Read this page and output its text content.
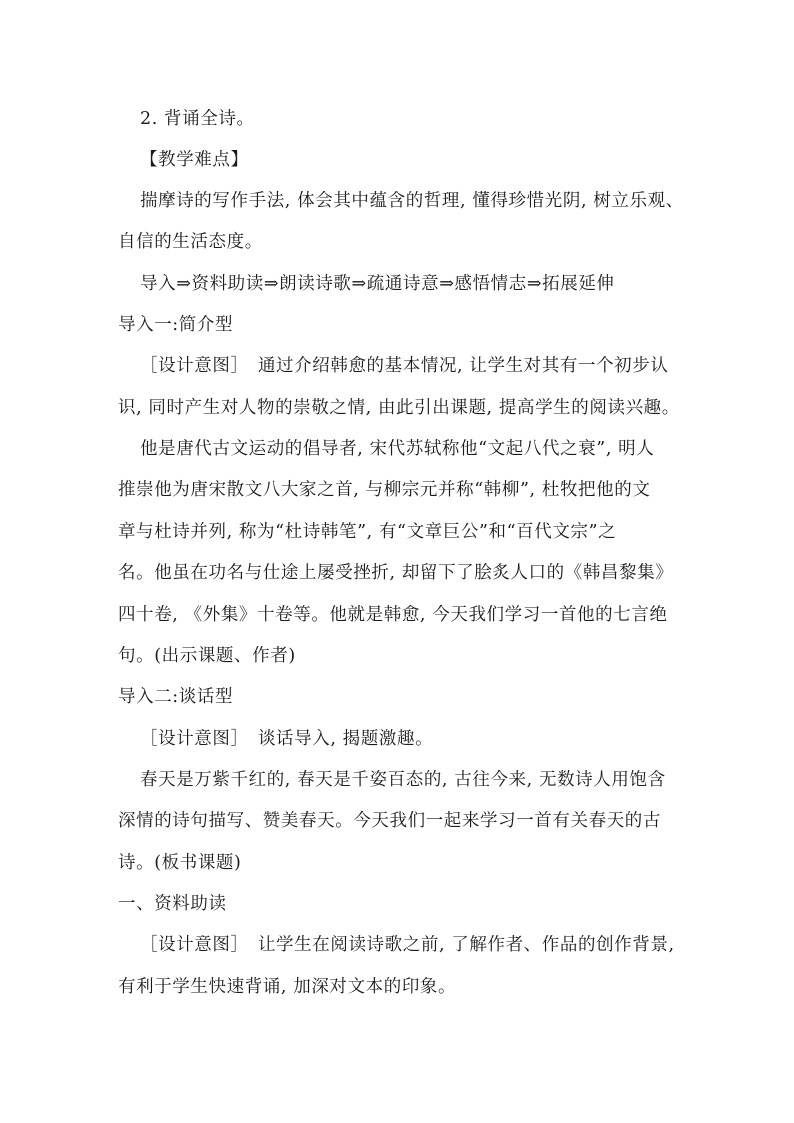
2. 背诵全诗。
【教学难点】
揣摩诗的写作手法, 体会其中蕴含的哲理, 懂得珍惜光阴, 树立乐观、
自信的生活态度。
导入⇒资料助读⇒朗读诗歌⇒疏通诗意⇒感悟情志⇒拓展延伸
导入一:简介型
［设计意图］　通过介绍韩愈的基本情况, 让学生对其有一个初步认
识, 同时产生对人物的崇敬之情, 由此引出课题, 提高学生的阅读兴趣。
他是唐代古文运动的倡导者, 宋代苏轼称他“文起八代之衰”, 明人
推崇他为唐宋散文八大家之首, 与柳宗元并称“韩柳”, 杜牧把他的文
章与杜诗并列, 称为“杜诗韩笔”, 有“文章巨公”和“百代文宗”之
名。他虽在功名与仕途上屡受挫折, 却留下了脍炙人口的《韩昌黎集》
四十卷, 《外集》十卷等。他就是韩愈, 今天我们学习一首他的七言绝
句。(出示课题、作者)
导入二:谈话型
［设计意图］　谈话导入, 揭题激趣。
春天是万紫千红的, 春天是千姿百态的, 古往今来, 无数诗人用饱含
深情的诗句描写、赞美春天。今天我们一起来学习一首有关春天的古
诗。(板书课题)
一、资料助读
［设计意图］　让学生在阅读诗歌之前, 了解作者、作品的创作背景,
有利于学生快速背诵, 加深对文本的印象。
